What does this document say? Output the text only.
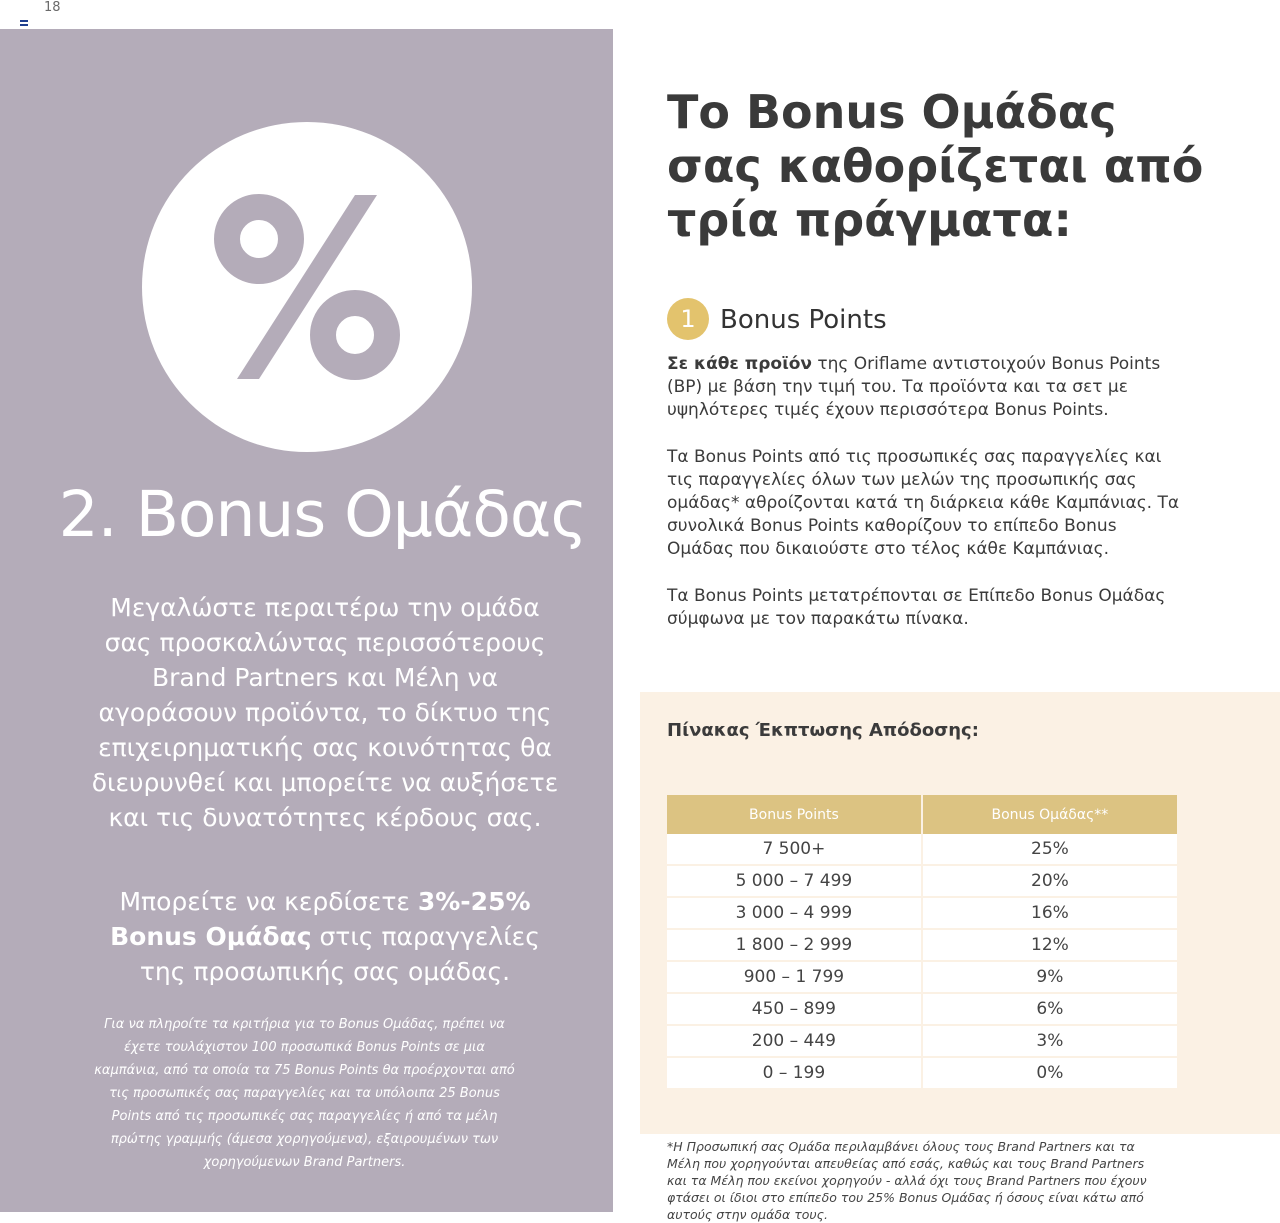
18
2. Bonus Ομάδας
Μεγαλώστε περαιτέρω την ομάδα σας προσκαλώντας περισσότερους Brand Partners και Μέλη να αγοράσουν προϊόντα, το δίκτυο της επιχειρηματικής σας κοινότητας θα διευρυνθεί και μπορείτε να αυξήσετε και τις δυνατότητες κέρδους σας.
Μπορείτε να κερδίσετε 3%-25%
Bonus Ομάδας στις παραγγελίες της προσωπικής σας ομάδας.
Για να πληροίτε τα κριτήρια για το Bonus Ομάδας, πρέπει να έχετε τουλάχιστον 100 προσωπικά Bonus Points σε μια καμπάνια, από τα οποία τα 75 Bonus Points θα προέρχονται από τις προσωπικές σας παραγγελίες και τα υπόλοιπα 25 Bonus Points από τις προσωπικές σας παραγγελίες ή από τα μέλη πρώτης γραμμής (άμεσα χορηγούμενα), εξαιρουμένων των χορηγούμενων Brand Partners.
Το Bonus Ομάδας σας καθορίζεται από τρία πράγματα:
1 Bonus Points

Σε κάθε προϊόν της Oriflame αντιστοιχούν Bonus Points (BP) με βάση την τιμή του. Τα προϊόντα και τα σετ με υψηλότερες τιμές έχουν περισσότερα Bonus Points.

Τα Bonus Points από τις προσωπικές σας παραγγελίες και τις παραγγελίες όλων των μελών της προσωπικής σας ομάδας* αθροίζονται κατά τη διάρκεια κάθε Καμπάνιας. Τα συνολικά Bonus Points καθορίζουν το επίπεδο Bonus Ομάδας που δικαιούστε στο τέλος κάθε Καμπάνιας.

Τα Bonus Points μετατρέπονται σε Επίπεδο Bonus Ομάδας σύμφωνα με τον παρακάτω πίνακα.

Πίνακας Έκπτωσης Απόδοσης:
Bonus Points	Bonus Ομάδας**
7 500+	25%
5 000 – 7 499	20%
3 000 – 4 999	16%
1 800 – 2 999	12%
900 – 1 799	9%
450 – 899	6%
200 – 449	3%
0 – 199	0%

*Η Προσωπική σας Ομάδα περιλαμβάνει όλους τους Brand Partners και τα Μέλη που χορηγούνται απευθείας από εσάς, καθώς και τους Brand Partners και τα Μέλη που εκείνοι χορηγούν - αλλά όχι τους Brand Partners που έχουν φτάσει οι ίδιοι στο επίπεδο του 25% Bonus Ομάδας ή όσους είναι κάτω από αυτούς στην ομάδα τους.
